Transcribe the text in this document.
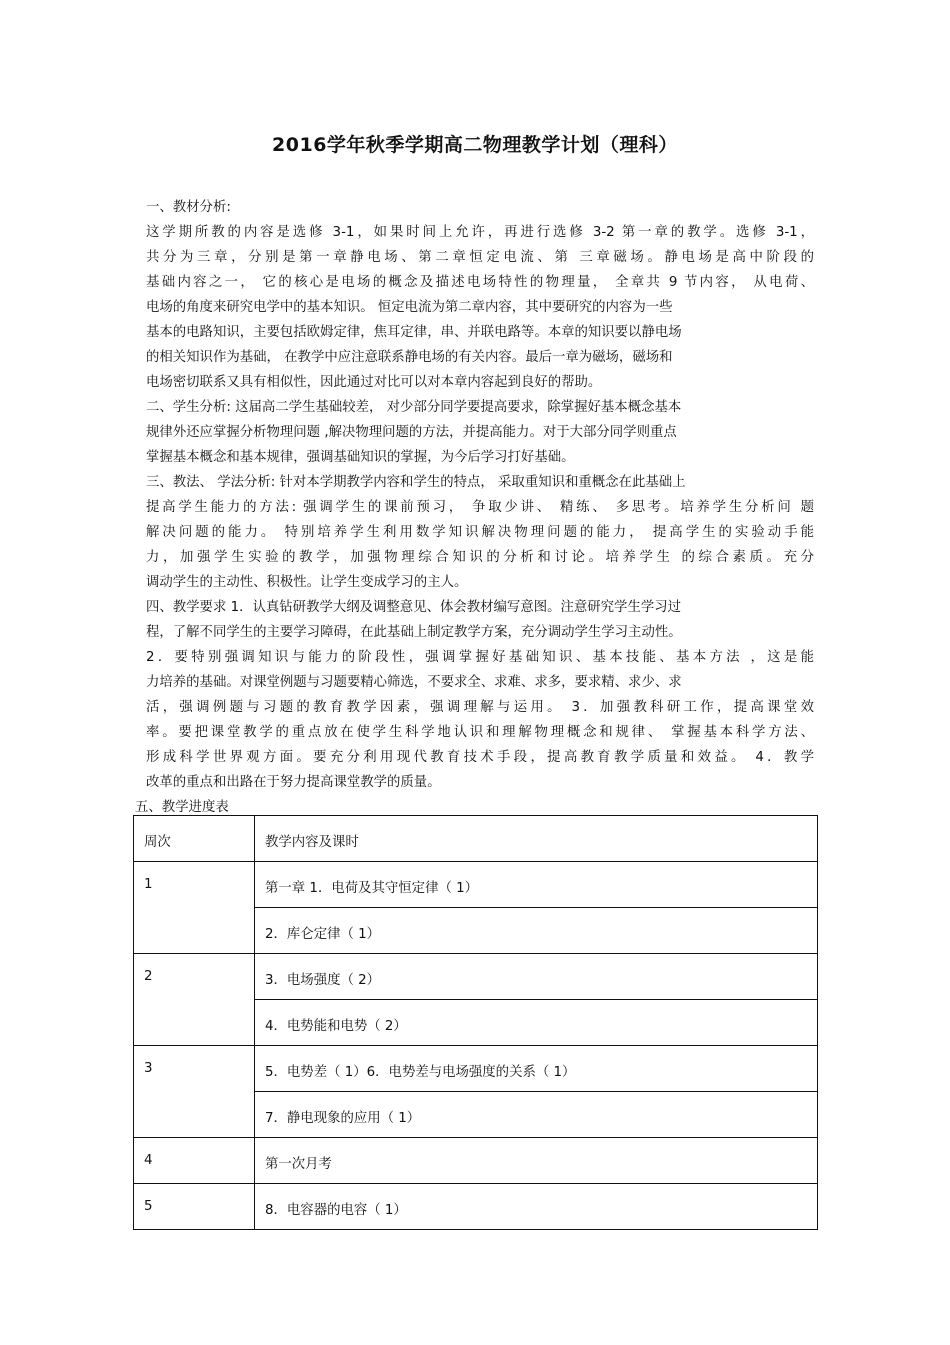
2016学年秋季学期高二物理教学计划（理科）
一、教材分析:
这学期所教的内容是选修 3-1，如果时间上允许，再进行选修 3-2 第一章的教学。选修 3-1，
共分为三章，分别是第一章静电场、第二章恒定电流、第 三章磁场。静电场是高中阶段的
基础内容之一， 它的核心是电场的概念及描述电场特性的物理量， 全章共 9 节内容， 从电荷、
电场的角度来研究电学中的基本知识。 恒定电流为第二章内容，其中要研究的内容为一些
基本的电路知识，主要包括欧姆定律，焦耳定律，串、并联电路等。本章的知识要以静电场
的相关知识作为基础， 在教学中应注意联系静电场的有关内容。最后一章为磁场，磁场和
电场密切联系又具有相似性，因此通过对比可以对本章内容起到良好的帮助。
二、学生分析: 这届高二学生基础较差， 对少部分同学要提高要求，除掌握好基本概念基本
规律外还应掌握分析物理问题 ,解决物理问题的方法，并提高能力。对于大部分同学则重点
掌握基本概念和基本规律，强调基础知识的掌握，为今后学习打好基础。
三、教法、 学法分析: 针对本学期教学内容和学生的特点， 采取重知识和重概念在此基础上
提高学生能力的方法: 强调学生的课前预习， 争取少讲、 精练、 多思考。培养学生分析问 题
解决问题的能力。 特别培养学生利用数学知识解决物理问题的能力， 提高学生的实验动手能
力，加强学生实验的教学，加强物理综合知识的分析和讨论。培养学生 的综合素质。充分
调动学生的主动性、积极性。让学生变成学习的主人。
四、教学要求 1．认真钻研教学大纲及调整意见、体会教材编写意图。注意研究学生学习过
程，了解不同学生的主要学习障碍，在此基础上制定教学方案，充分调动学生学习主动性。
2．要特别强调知识与能力的阶段性，强调掌握好基础知识、基本技能、基本方法 ，这是能
力培养的基础。对课堂例题与习题要精心筛选，不要求全、求难、求多，要求精、求少、求
活，强调例题与习题的教育教学因素，强调理解与运用。 3．加强教科研工作，提高课堂效
率。要把课堂教学的重点放在使学生科学地认识和理解物理概念和规律、 掌握基本科学方法、
形成科学世界观方面。要充分利用现代教育技术手段，提高教育教学质量和效益。 4．教学
改革的重点和出路在于努力提高课堂教学的质量。
五、教学进度表
周次	教学内容及课时
1	第一章 1．电荷及其守恒定律（ 1）
	2．库仑定律（ 1）
2	3．电场强度（ 2）
	4．电势能和电势（ 2）
3	5．电势差（ 1）6．电势差与电场强度的关系（ 1）
	7．静电现象的应用（ 1）
4	第一次月考
5	8．电容器的电容（ 1）
